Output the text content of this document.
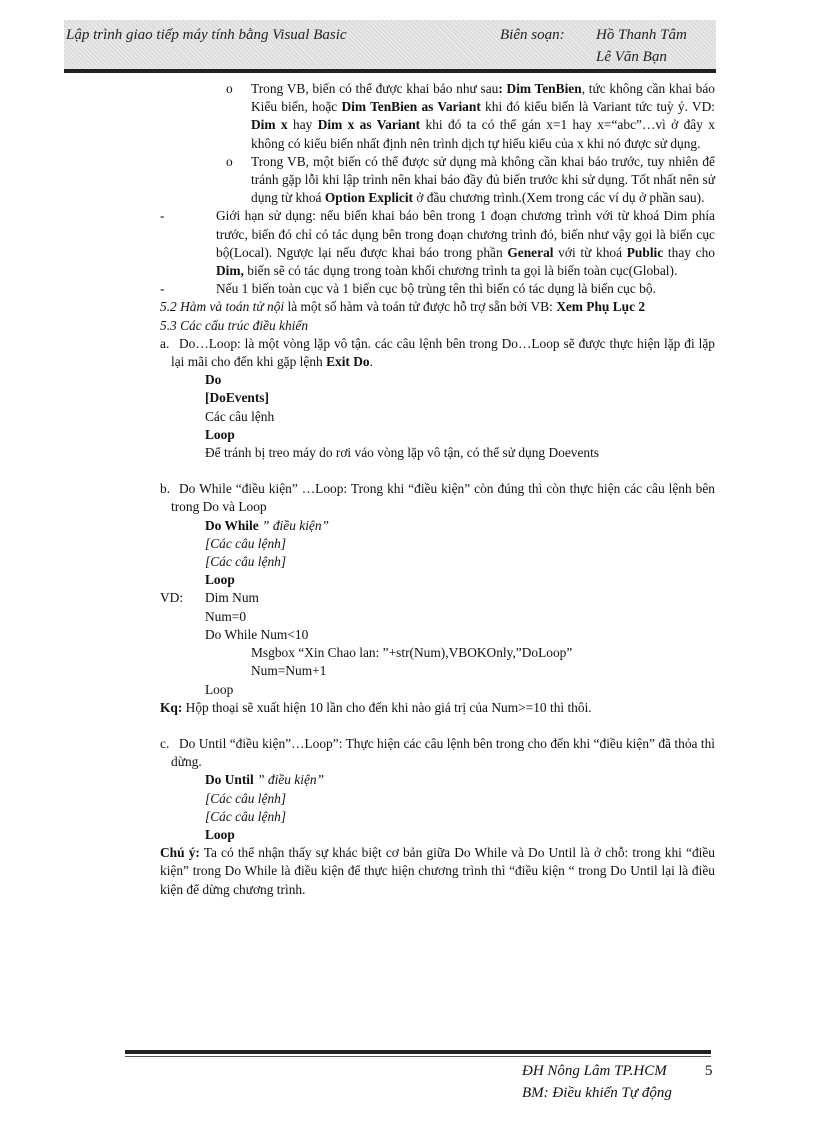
Lập trình giao tiếp máy tính bằng Visual Basic	Biên soạn: Hồ Thanh Tâm
Lê Văn Bạn
o Trong VB, biến có thể được khai báo như sau: Dim TenBien, tức không cần khai báo Kiểu biến, hoặc Dim TenBien as Variant khi đó kiểu biến là Variant tức tuỳ ý. VD: Dim x hay Dim x as Variant khi đó ta có thể gán x=1 hay x=“abc”…vì ở đây x không có kiểu biến nhất định nên trình dịch tự hiểu kiểu của x khi nó được sử dụng.
o Trong VB, một biến có thể được sử dụng mà không cần khai báo trước, tuy nhiên để tránh gặp lỗi khi lập trình nên khai báo đầy đủ biến trước khi sử dụng. Tốt nhất nên sử dụng từ khoá Option Explicit ở đầu chương trình.(Xem trong các ví dụ ở phần sau).
-	Giới hạn sử dụng: nếu biến khai báo bên trong 1 đoạn chương trình với từ khoá Dim phía trước, biến đó chỉ có tác dụng bên trong đoạn chương trình đó, biến như vậy gọi là biến cục bộ(Local). Ngược lại nếu được khai báo trong phần General với từ khoá Public thay cho Dim, biến sẽ có tác dụng trong toàn khối chương trình ta gọi là biến toàn cục(Global).
-	Nếu 1 biến toàn cục và 1 biến cục bộ trùng tên thì biến có tác dụng là biến cục bộ.
5.2 Hàm và toán tử nội là một số hàm và toán tử được hỗ trợ sẵn bởi VB: Xem Phụ Lục 2
5.3 Các cấu trúc điều khiển
a. Do…Loop: là một vòng lặp vô tận. các câu lệnh bên trong Do…Loop sẽ được thực hiện lặp đi lặp lại mãi cho đến khi gặp lệnh Exit Do.
Do
[DoEvents]
Các câu lệnh
Loop
Để tránh bị treo máy do rơi váo vòng lặp vô tận, có thể sử dụng Doevents
b. Do While “điều kiện” …Loop: Trong khi “điều kiện” còn đúng thì còn thực hiện các câu lệnh bên trong Do và Loop
Do While ” điều kiện”
[Các câu lệnh]
[Các câu lệnh]
Loop
VD:	Dim Num
Num=0
Do While Num<10
Msgbox “Xin Chao lan: ”+str(Num),VBOKOnly,”DoLoop”
Num=Num+1
Loop
Kq: Hộp thoại sẽ xuất hiện 10 lần cho đến khi nào giá trị của Num>=10 thì thôi.
c. Do Until “điều kiện”…Loop”: Thực hiện các câu lệnh bên trong cho đến khi “điều kiện” đã thỏa thì dừng.
Do Until ” điều kiện”
[Các câu lệnh]
[Các câu lệnh]
Loop
Chú ý: Ta có thể nhận thấy sự khác biệt cơ bản giữa Do While và Do Until là ở chỗ: trong khi “điều kiện” trong Do While là điều kiện để thực hiện chương trình thì “điều kiện “ trong Do Until lại là điều kiện để dừng chương trình.
ĐH Nông Lâm TP.HCM	5
BM: Điều khiển Tự động
